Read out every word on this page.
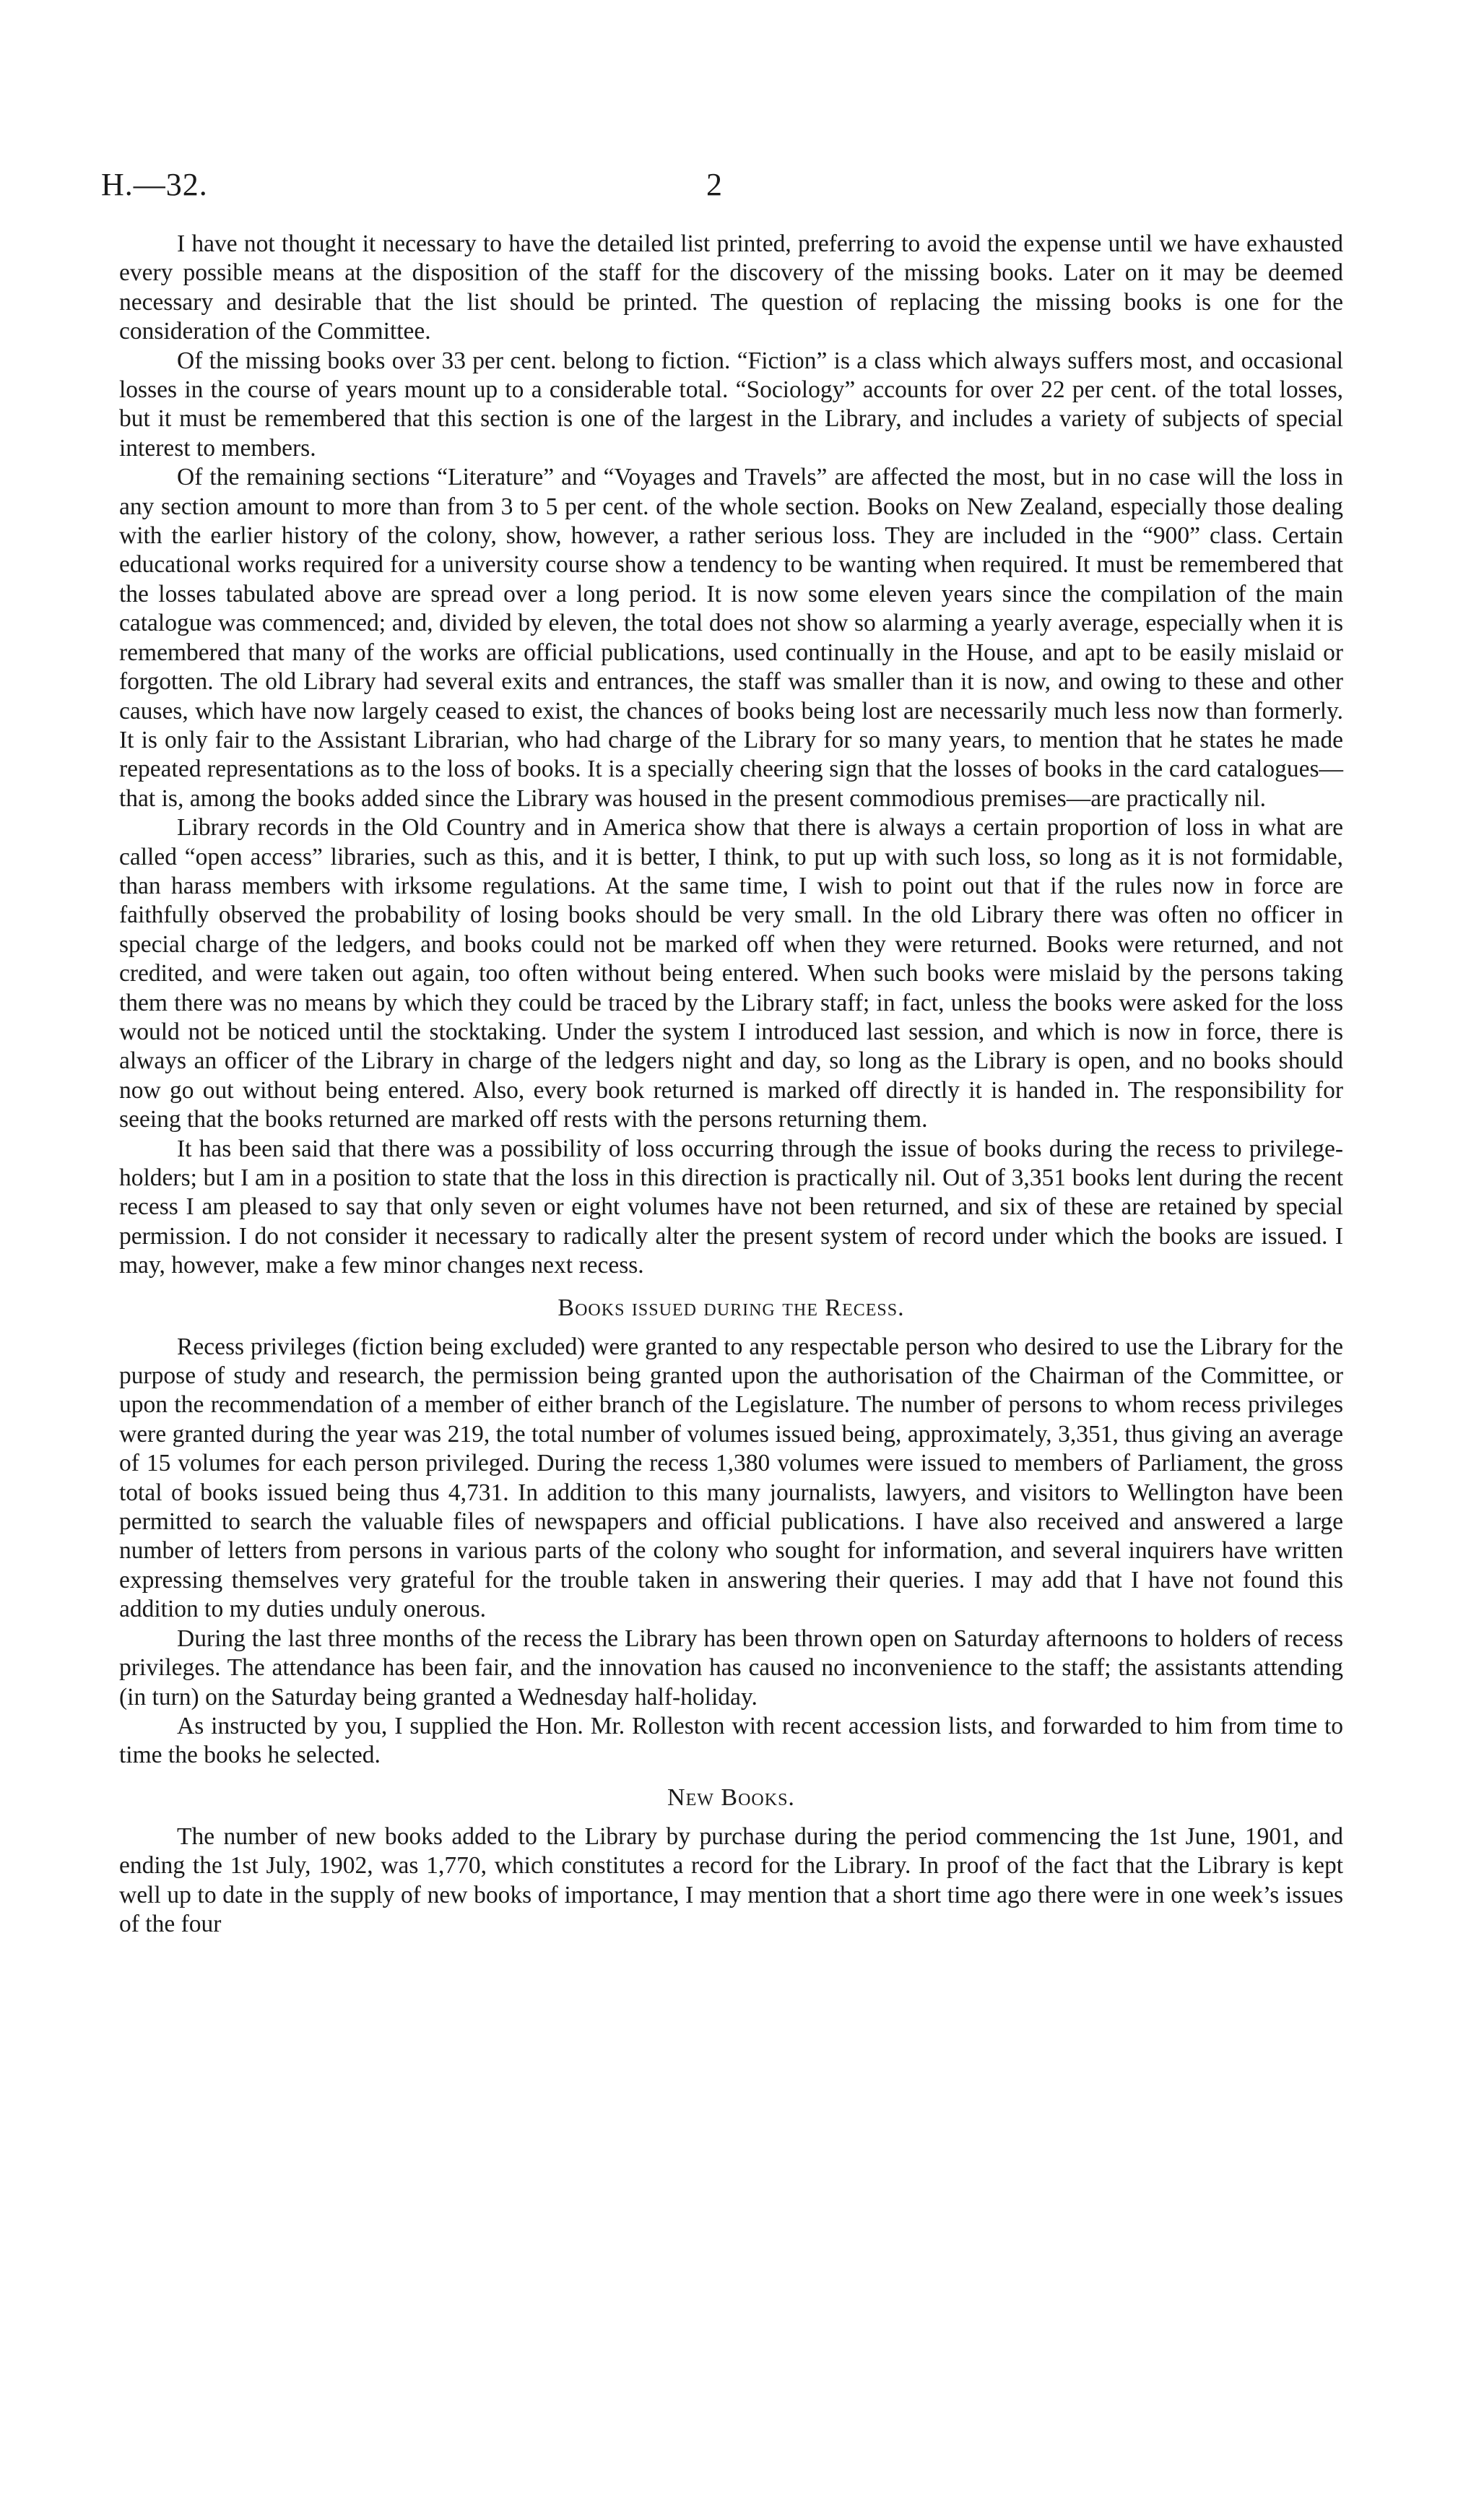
H.—32.	2

I have not thought it necessary to have the detailed list printed, preferring to avoid the expense until we have exhausted every possible means at the disposition of the staff for the discovery of the missing books. Later on it may be deemed necessary and desirable that the list should be printed. The question of replacing the missing books is one for the consideration of the Committee.

Of the missing books over 33 per cent. belong to fiction. “Fiction” is a class which always suffers most, and occasional losses in the course of years mount up to a considerable total. “Sociology” accounts for over 22 per cent. of the total losses, but it must be remembered that this section is one of the largest in the Library, and includes a variety of subjects of special interest to members.

Of the remaining sections “Literature” and “Voyages and Travels” are affected the most, but in no case will the loss in any section amount to more than from 3 to 5 per cent. of the whole section. Books on New Zealand, especially those dealing with the earlier history of the colony, show, however, a rather serious loss. They are included in the “900” class. Certain educational works required for a university course show a tendency to be wanting when required. It must be remembered that the losses tabulated above are spread over a long period. It is now some eleven years since the compilation of the main catalogue was commenced; and, divided by eleven, the total does not show so alarming a yearly average, especially when it is remembered that many of the works are official publications, used continually in the House, and apt to be easily mislaid or forgotten. The old Library had several exits and entrances, the staff was smaller than it is now, and owing to these and other causes, which have now largely ceased to exist, the chances of books being lost are necessarily much less now than formerly. It is only fair to the Assistant Librarian, who had charge of the Library for so many years, to mention that he states he made repeated representations as to the loss of books. It is a specially cheering sign that the losses of books in the card catalogues—that is, among the books added since the Library was housed in the present commodious premises—are practically nil.

Library records in the Old Country and in America show that there is always a certain proportion of loss in what are called “open access” libraries, such as this, and it is better, I think, to put up with such loss, so long as it is not formidable, than harass members with irksome regulations. At the same time, I wish to point out that if the rules now in force are faithfully observed the probability of losing books should be very small. In the old Library there was often no officer in special charge of the ledgers, and books could not be marked off when they were returned. Books were returned, and not credited, and were taken out again, too often without being entered. When such books were mislaid by the persons taking them there was no means by which they could be traced by the Library staff; in fact, unless the books were asked for the loss would not be noticed until the stocktaking. Under the system I introduced last session, and which is now in force, there is always an officer of the Library in charge of the ledgers night and day, so long as the Library is open, and no books should now go out without being entered. Also, every book returned is marked off directly it is handed in. The responsibility for seeing that the books returned are marked off rests with the persons returning them.

It has been said that there was a possibility of loss occurring through the issue of books during the recess to privilege-holders; but I am in a position to state that the loss in this direction is practically nil. Out of 3,351 books lent during the recent recess I am pleased to say that only seven or eight volumes have not been returned, and six of these are retained by special permission. I do not consider it necessary to radically alter the present system of record under which the books are issued. I may, however, make a few minor changes next recess.

Books issued during the Recess.

Recess privileges (fiction being excluded) were granted to any respectable person who desired to use the Library for the purpose of study and research, the permission being granted upon the authorisation of the Chairman of the Committee, or upon the recommendation of a member of either branch of the Legislature. The number of persons to whom recess privileges were granted during the year was 219, the total number of volumes issued being, approximately, 3,351, thus giving an average of 15 volumes for each person privileged. During the recess 1,380 volumes were issued to members of Parliament, the gross total of books issued being thus 4,731. In addition to this many journalists, lawyers, and visitors to Wellington have been permitted to search the valuable files of newspapers and official publications. I have also received and answered a large number of letters from persons in various parts of the colony who sought for information, and several inquirers have written expressing themselves very grateful for the trouble taken in answering their queries. I may add that I have not found this addition to my duties unduly onerous.

During the last three months of the recess the Library has been thrown open on Saturday afternoons to holders of recess privileges. The attendance has been fair, and the innovation has caused no inconvenience to the staff; the assistants attending (in turn) on the Saturday being granted a Wednesday half-holiday.

As instructed by you, I supplied the Hon. Mr. Rolleston with recent accession lists, and forwarded to him from time to time the books he selected.

New Books.

The number of new books added to the Library by purchase during the period commencing the 1st June, 1901, and ending the 1st July, 1902, was 1,770, which constitutes a record for the Library. In proof of the fact that the Library is kept well up to date in the supply of new books of importance, I may mention that a short time ago there were in one week’s issues of the four
